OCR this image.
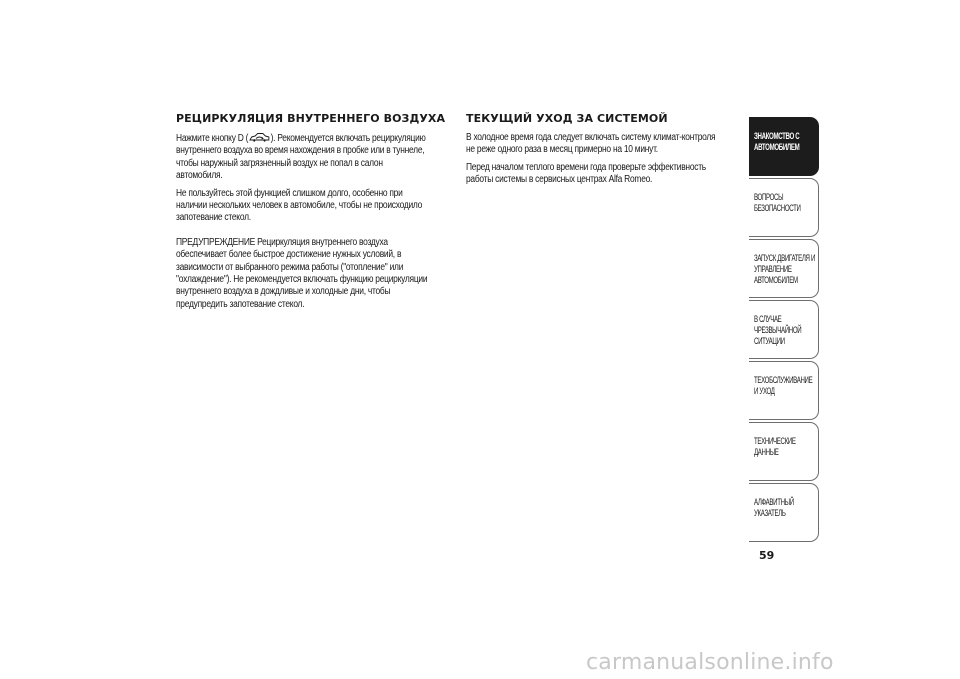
РЕЦИРКУЛЯЦИЯ ВНУТРЕННЕГО ВОЗДУХА

Нажмите кнопку D ( ). Рекомендуется включать рециркуляцию
внутреннего воздуха во время нахождения в пробке или в туннеле,
чтобы наружный загрязненный воздух не попал в салон
автомобиля.

Не пользуйтесь этой функцией слишком долго, особенно при
наличии нескольких человек в автомобиле, чтобы не происходило
запотевание стекол.

ПРЕДУПРЕЖДЕНИЕ Рециркуляция внутреннего воздуха
обеспечивает более быстрое достижение нужных условий, в
зависимости от выбранного режима работы ("отопление" или
"охлаждение"). Не рекомендуется включать функцию рециркуляции
внутреннего воздуха в дождливые и холодные дни, чтобы
предупредить запотевание стекол.

ТЕКУЩИЙ УХОД ЗА СИСТЕМОЙ

В холодное время года следует включать систему климат-контроля
не реже одного раза в месяц примерно на 10 минут.

Перед началом теплого времени года проверьте эффективность
работы системы в сервисных центрах Alfa Romeo.

ЗНАКОМСТВО С
АВТОМОБИЛЕМ
ВОПРОСЫ
БЕЗОПАСНОСТИ
ЗАПУСК ДВИГАТЕЛЯ И
УПРАВЛЕНИЕ
АВТОМОБИЛЕМ
В СЛУЧАЕ
ЧРЕЗВЫЧАЙНОЙ
СИТУАЦИИ
ТЕХОБСЛУЖИВАНИЕ
И УХОД
ТЕХНИЧЕСКИЕ
ДАННЫЕ
АЛФАВИТНЫЙ
УКАЗАТЕЛЬ
59
carmanualsonline.info
